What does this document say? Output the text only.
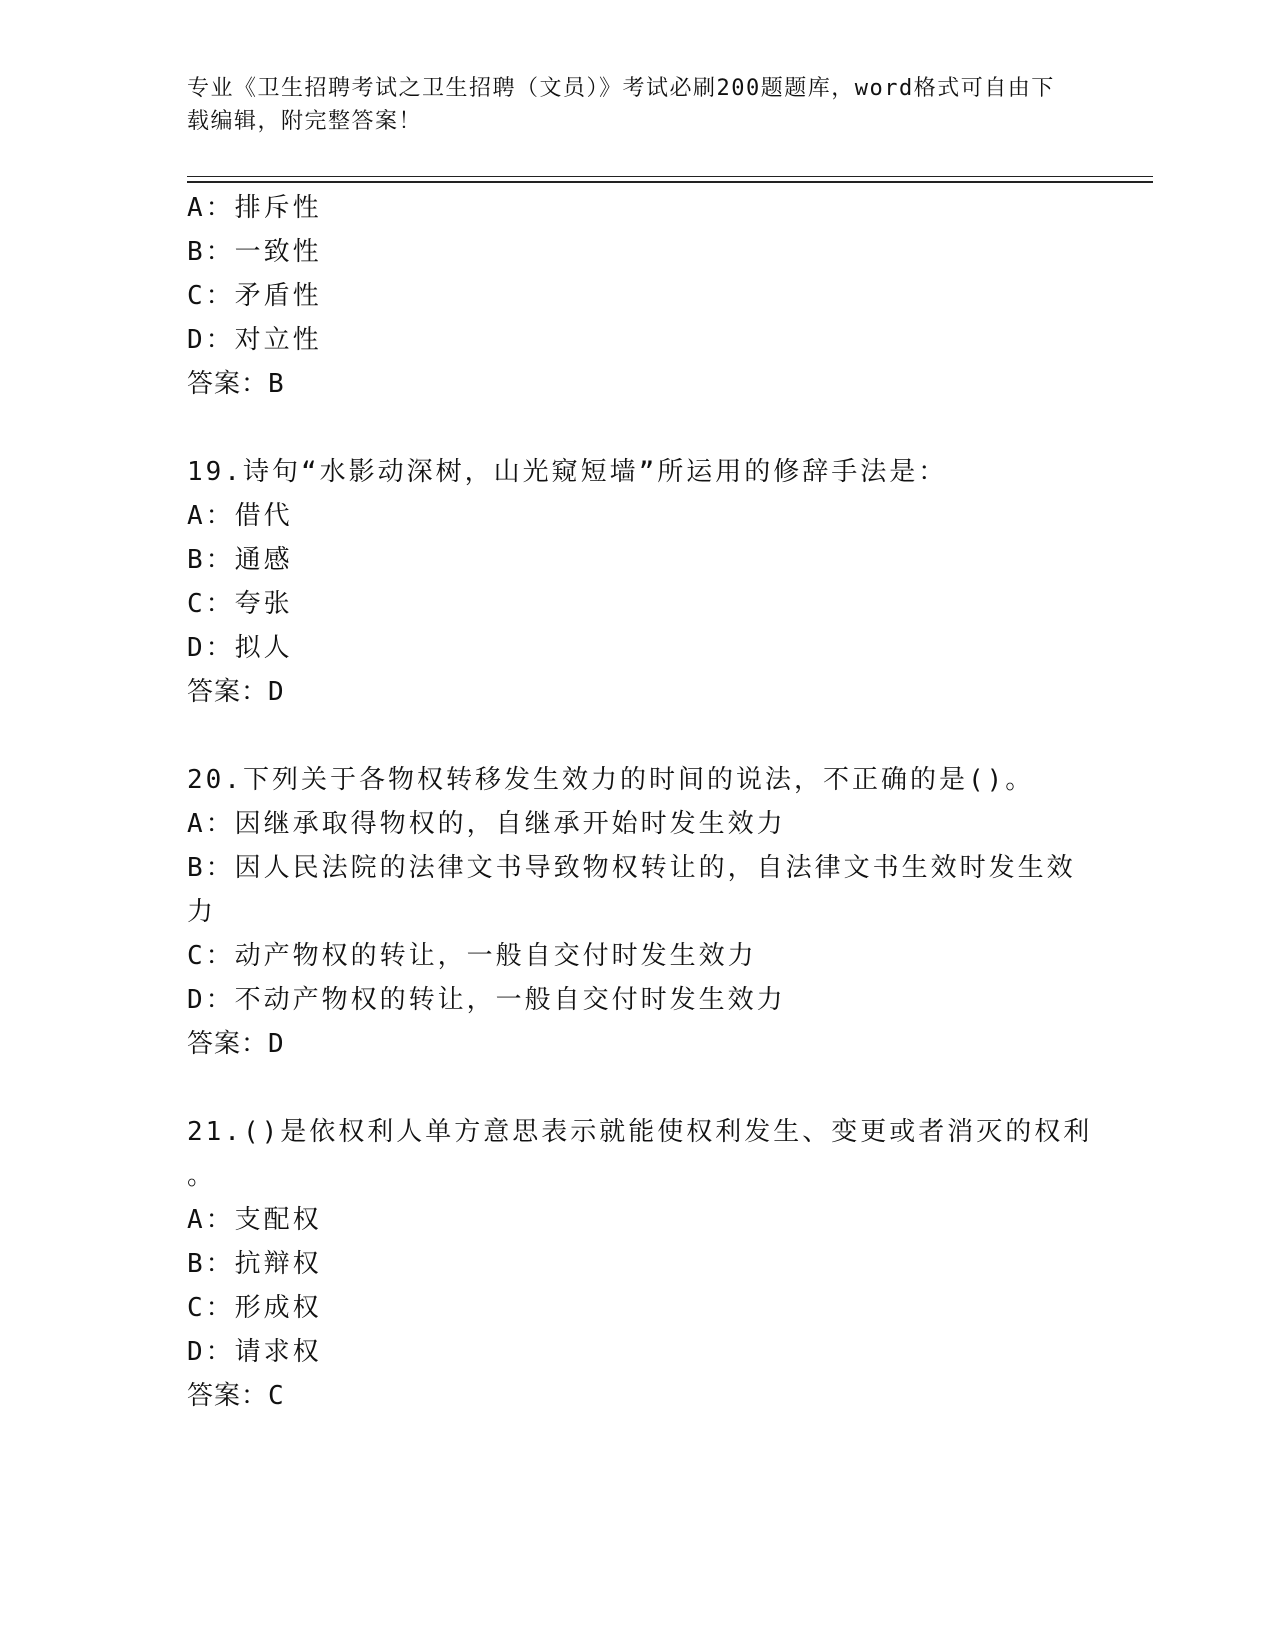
专业《卫生招聘考试之卫生招聘（文员）》考试必刷200题题库，word格式可自由下载编辑，附完整答案！
A：排斥性
B：一致性
C：矛盾性
D：对立性
答案：B
19.诗句“水影动深树，山光窥短墙”所运用的修辞手法是：
A：借代
B：通感
C：夸张
D：拟人
答案：D
20.下列关于各物权转移发生效力的时间的说法，不正确的是()。
A：因继承取得物权的，自继承开始时发生效力
B：因人民法院的法律文书导致物权转让的，自法律文书生效时发生效
力
C：动产物权的转让，一般自交付时发生效力
D：不动产物权的转让，一般自交付时发生效力
答案：D
21.()是依权利人单方意思表示就能使权利发生、变更或者消灭的权利
。
A：支配权
B：抗辩权
C：形成权
D：请求权
答案：C
